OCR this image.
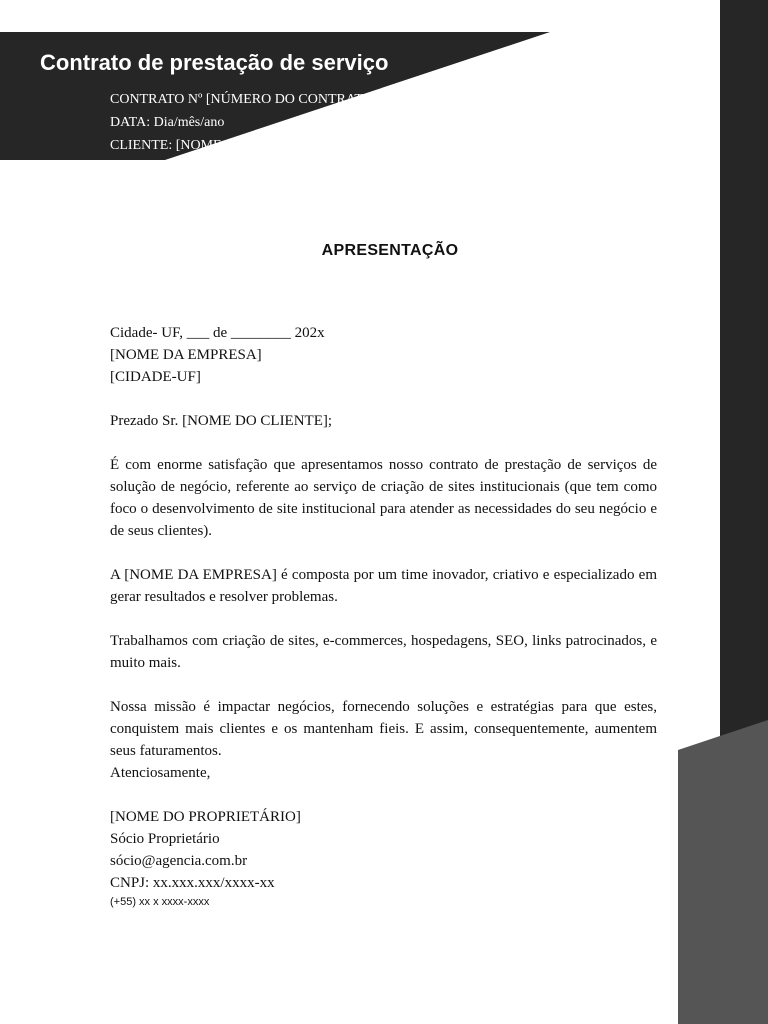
Contrato de prestação de serviço
CONTRATO Nº [NÚMERO DO CONTRATO]
DATA: Dia/mês/ano
CLIENTE: [NOME DO CLIENTE]
APRESENTAÇÃO
Cidade- UF, ___ de ________ 202x
[NOME DA EMPRESA]
[CIDADE-UF]
Prezado Sr. [NOME DO CLIENTE];

É com enorme satisfação que apresentamos nosso contrato de prestação de serviços de solução de negócio, referente ao serviço de criação de sites institucionais (que tem como foco o desenvolvimento de site institucional para atender as necessidades do seu negócio e de seus clientes).

A [NOME DA EMPRESA] é composta por um time inovador, criativo e especializado em gerar resultados e resolver problemas.

Trabalhamos com criação de sites, e-commerces, hospedagens, SEO, links patrocinados, e muito mais.

Nossa missão é impactar negócios, fornecendo soluções e estratégias para que estes, conquistem mais clientes e os mantenham fieis. E assim, consequentemente, aumentem seus faturamentos.

Atenciosamente,
[NOME DO PROPRIETÁRIO]
Sócio Proprietário
sócio@agencia.com.br
CNPJ: xx.xxx.xxx/xxxx-xx
(+55) xx x xxxx-xxxx
